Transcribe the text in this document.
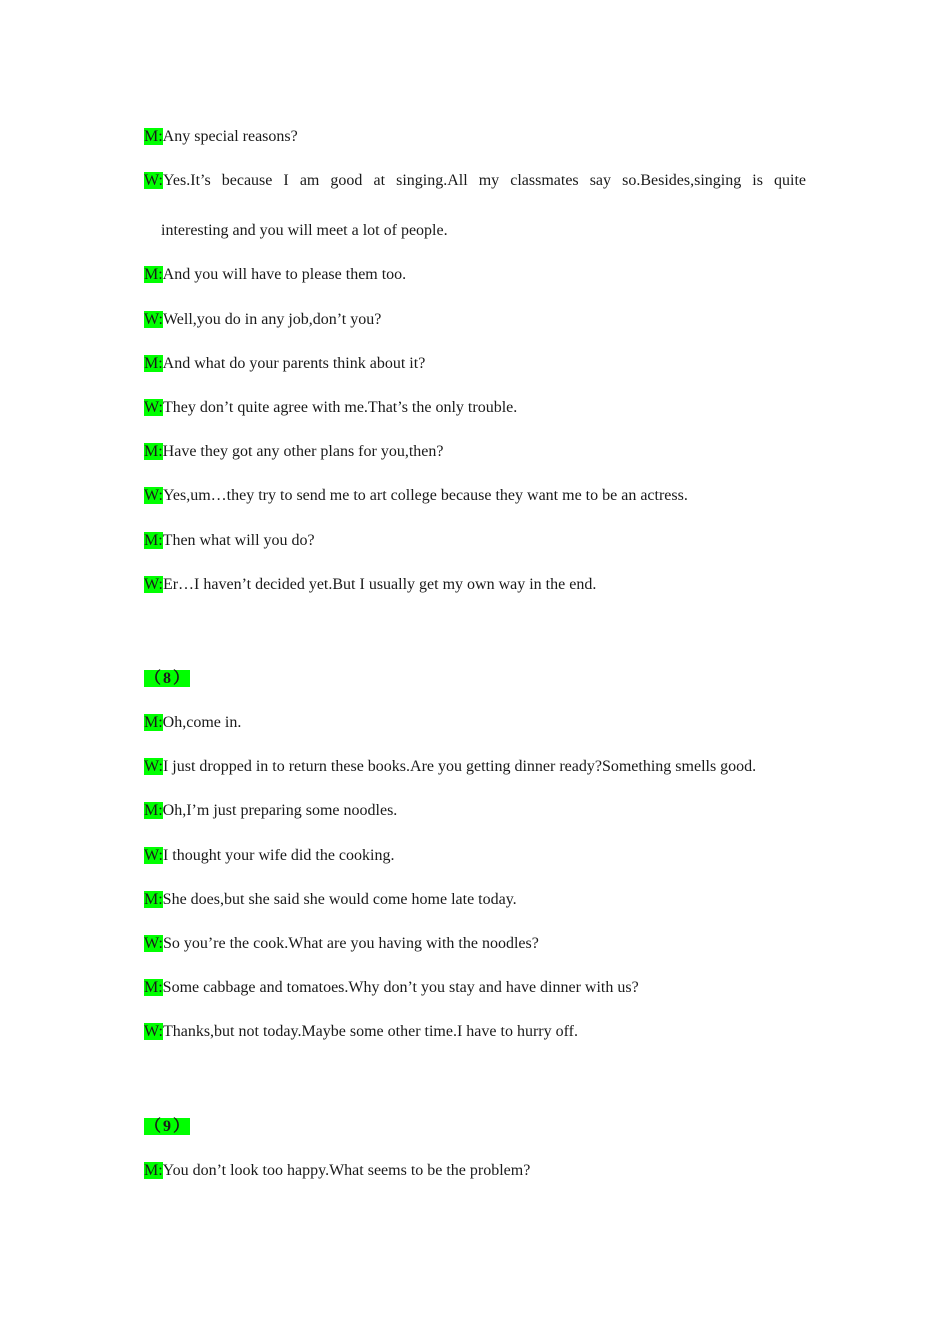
M:Any special reasons?
W:Yes.It’s because I am good at singing.All my classmates say so.Besides,singing is quite
interesting and you will meet a lot of people.
M:And you will have to please them too.
W:Well,you do in any job,don’t you?
M:And what do your parents think about it?
W:They don’t quite agree with me.That’s the only trouble.
M:Have they got any other plans for you,then?
W:Yes,um…they try to send me to art college because they want me to be an actress.
M:Then what will you do?
W:Er…I haven’t decided yet.But I usually get my own way in the end.
（ 8 ）
M:Oh,come in.
W:I just dropped in to return these books.Are you getting dinner ready?Something smells good.
M:Oh,I’m just preparing some noodles.
W:I thought your wife did the cooking.
M:She does,but she said she would come home late today.
W:So you’re the cook.What are you having with the noodles?
M:Some cabbage and tomatoes.Why don’t you stay and have dinner with us?
W:Thanks,but not today.Maybe some other time.I have to hurry off.
（ 9 ）
M:You don’t look too happy.What seems to be the problem?
